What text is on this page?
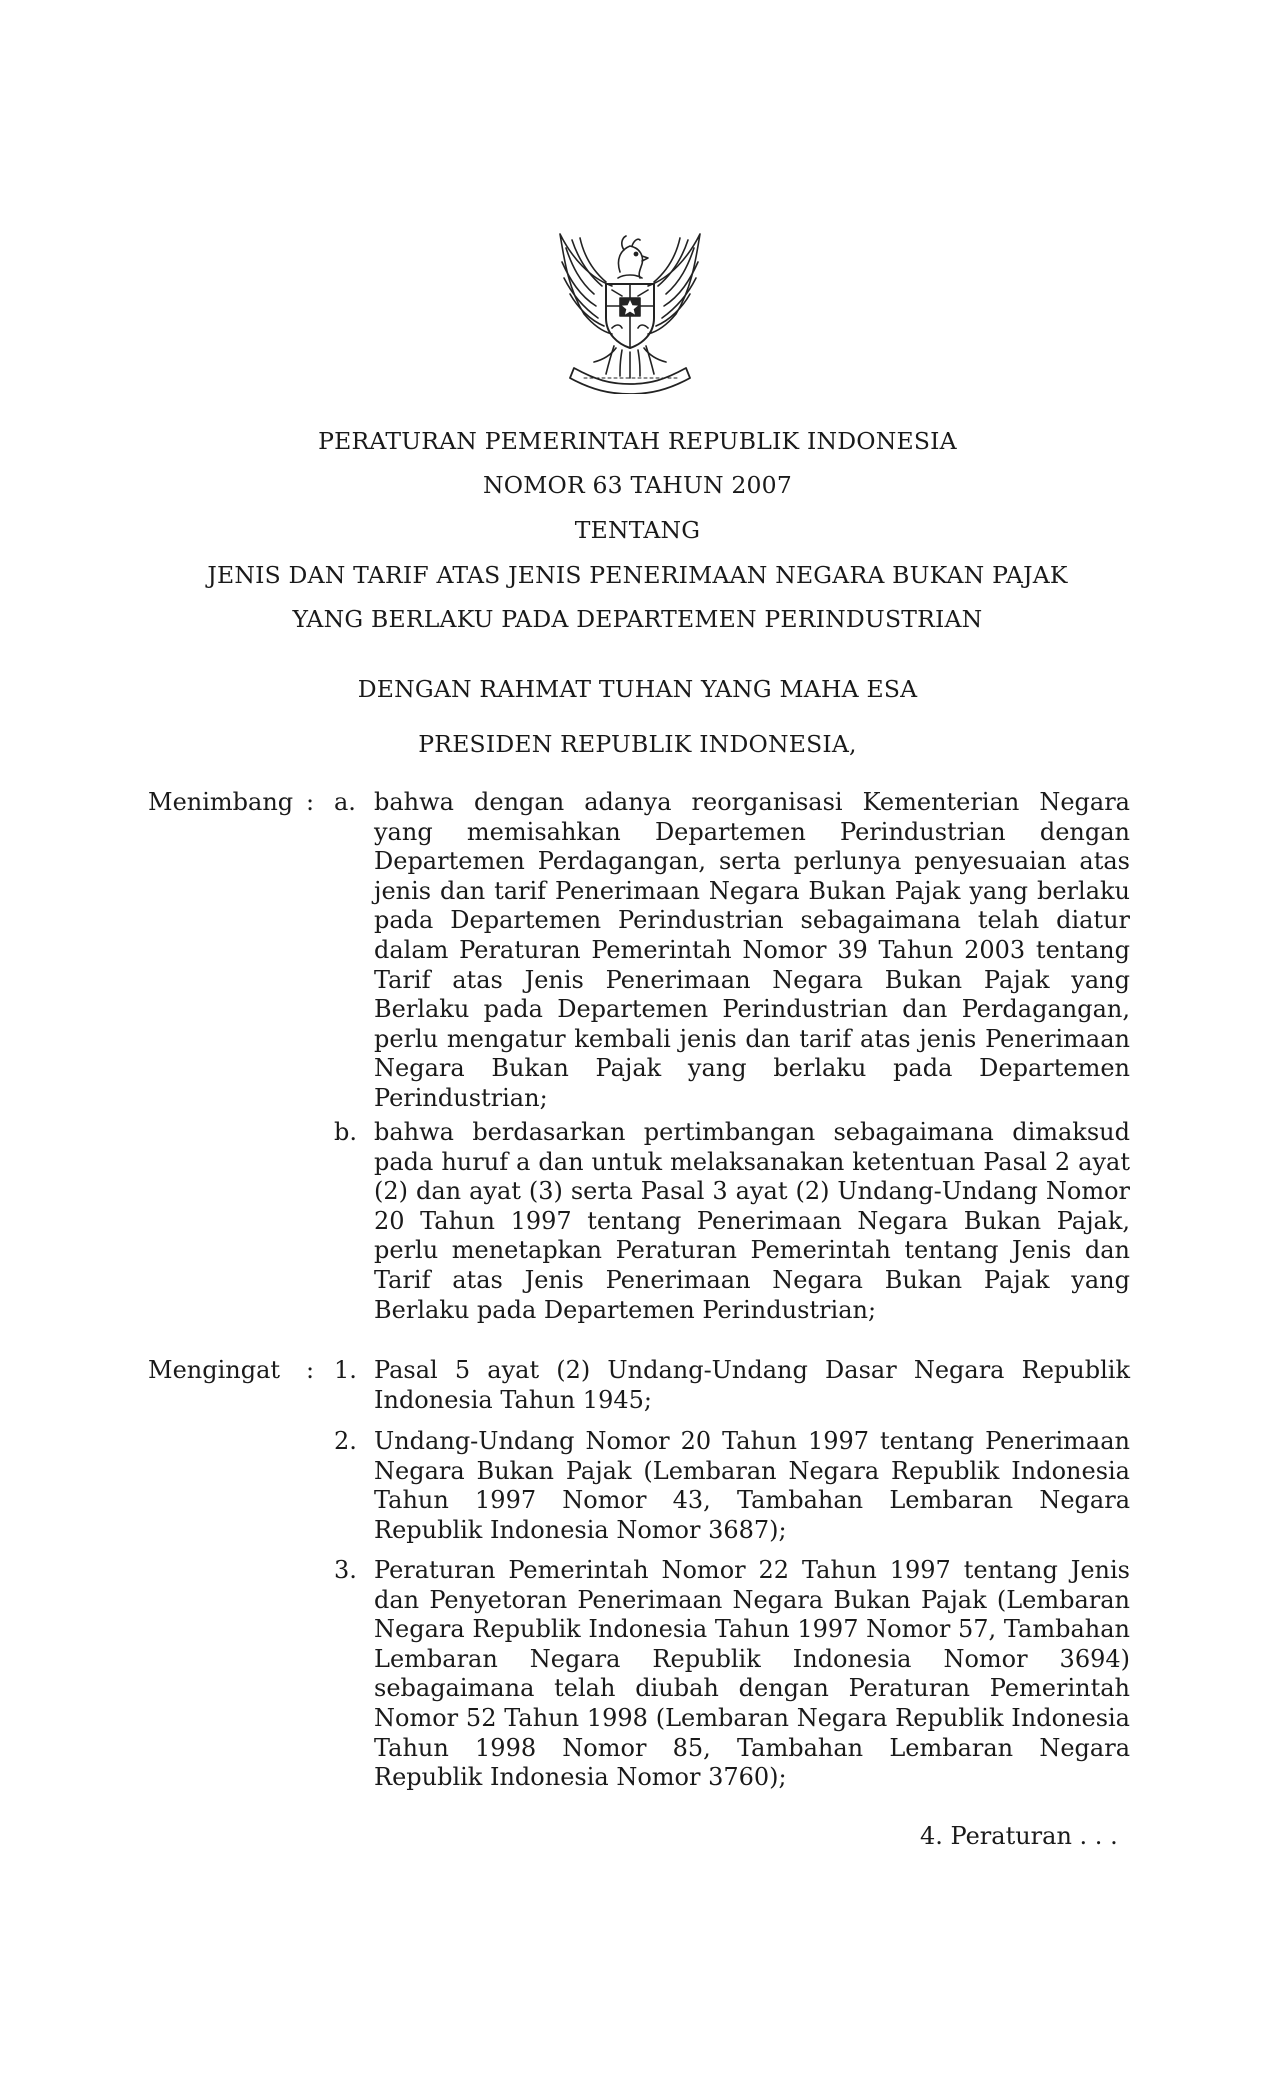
PERATURAN PEMERINTAH REPUBLIK INDONESIA
NOMOR 63 TAHUN 2007
TENTANG
JENIS DAN TARIF ATAS JENIS PENERIMAAN NEGARA BUKAN PAJAK
YANG BERLAKU PADA DEPARTEMEN PERINDUSTRIAN
DENGAN RAHMAT TUHAN YANG MAHA ESA
PRESIDEN REPUBLIK INDONESIA,
Menimbang : a. bahwa dengan adanya reorganisasi Kementerian Negara yang memisahkan Departemen Perindustrian dengan Departemen Perdagangan, serta perlunya penyesuaian atas jenis dan tarif Penerimaan Negara Bukan Pajak yang berlaku pada Departemen Perindustrian sebagaimana telah diatur dalam Peraturan Pemerintah Nomor 39 Tahun 2003 tentang Tarif atas Jenis Penerimaan Negara Bukan Pajak yang Berlaku pada Departemen Perindustrian dan Perdagangan, perlu mengatur kembali jenis dan tarif atas jenis Penerimaan Negara Bukan Pajak yang berlaku pada Departemen Perindustrian;
b. bahwa berdasarkan pertimbangan sebagaimana dimaksud pada huruf a dan untuk melaksanakan ketentuan Pasal 2 ayat (2) dan ayat (3) serta Pasal 3 ayat (2) Undang-Undang Nomor 20 Tahun 1997 tentang Penerimaan Negara Bukan Pajak, perlu menetapkan Peraturan Pemerintah tentang Jenis dan Tarif atas Jenis Penerimaan Negara Bukan Pajak yang Berlaku pada Departemen Perindustrian;
Mengingat : 1. Pasal 5 ayat (2) Undang-Undang Dasar Negara Republik Indonesia Tahun 1945;
2. Undang-Undang Nomor 20 Tahun 1997 tentang Penerimaan Negara Bukan Pajak (Lembaran Negara Republik Indonesia Tahun 1997 Nomor 43, Tambahan Lembaran Negara Republik Indonesia Nomor 3687);
3. Peraturan Pemerintah Nomor 22 Tahun 1997 tentang Jenis dan Penyetoran Penerimaan Negara Bukan Pajak (Lembaran Negara Republik Indonesia Tahun 1997 Nomor 57, Tambahan Lembaran Negara Republik Indonesia Nomor 3694) sebagaimana telah diubah dengan Peraturan Pemerintah Nomor 52 Tahun 1998 (Lembaran Negara Republik Indonesia Tahun 1998 Nomor 85, Tambahan Lembaran Negara Republik Indonesia Nomor 3760);
4. Peraturan . . .
